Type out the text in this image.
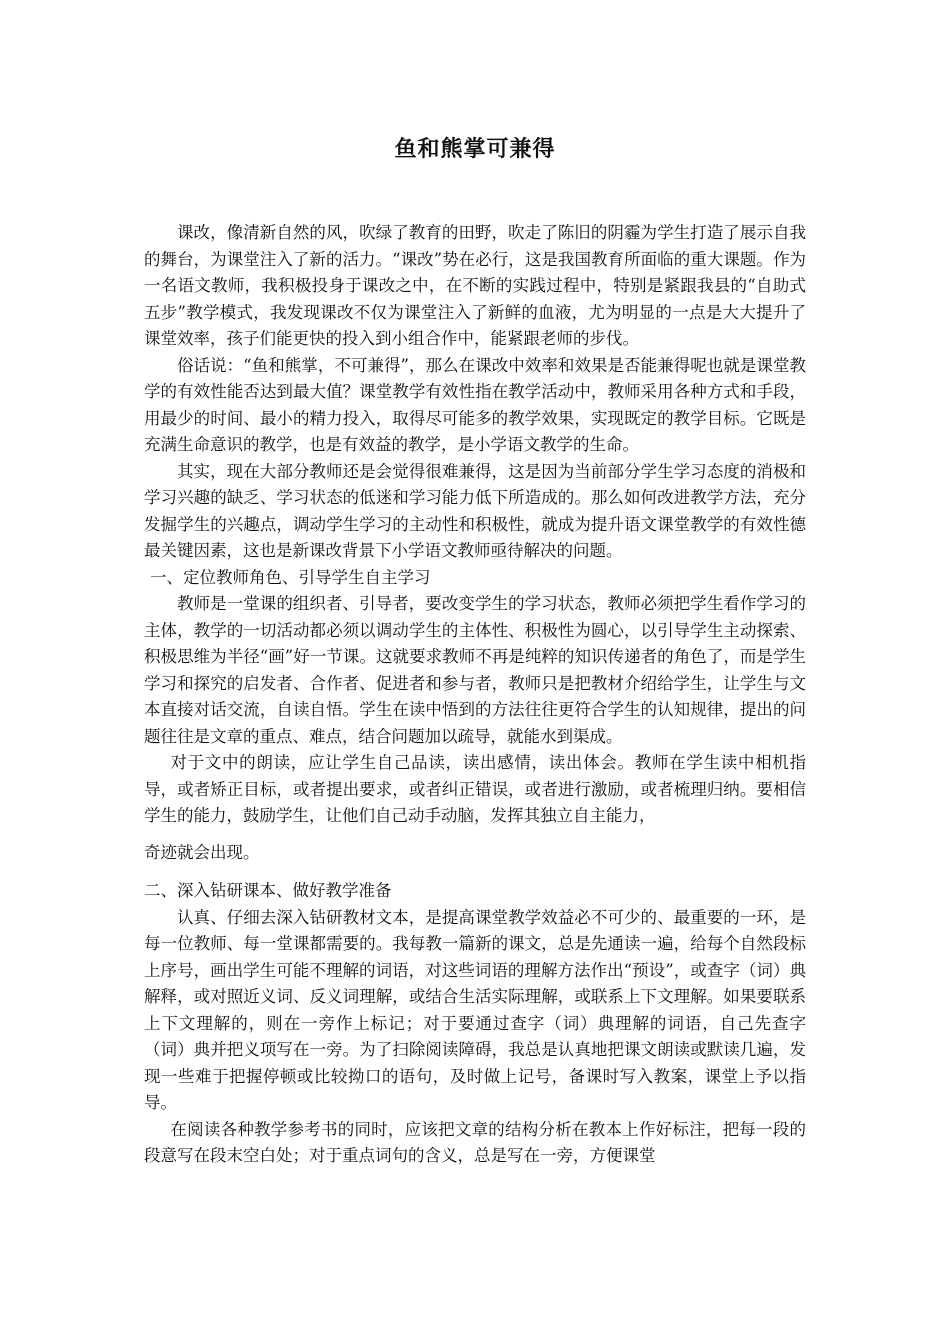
鱼和熊掌可兼得

课改，像清新自然的风，吹绿了教育的田野，吹走了陈旧的阴霾为学生打造了展示自我的舞台，为课堂注入了新的活力。“课改”势在必行，这是我国教育所面临的重大课题。作为一名语文教师，我积极投身于课改之中，在不断的实践过程中，特别是紧跟我县的“自助式五步”教学模式，我发现课改不仅为课堂注入了新鲜的血液，尤为明显的一点是大大提升了课堂效率，孩子们能更快的投入到小组合作中，能紧跟老师的步伐。

俗话说：“鱼和熊掌，不可兼得”，那么在课改中效率和效果是否能兼得呢也就是课堂教学的有效性能否达到最大值？课堂教学有效性指在教学活动中，教师采用各种方式和手段，用最少的时间、最小的精力投入，取得尽可能多的教学效果，实现既定的教学目标。它既是充满生命意识的教学，也是有效益的教学，是小学语文教学的生命。

其实，现在大部分教师还是会觉得很难兼得，这是因为当前部分学生学习态度的消极和学习兴趣的缺乏、学习状态的低迷和学习能力低下所造成的。那么如何改进教学方法，充分发掘学生的兴趣点，调动学生学习的主动性和积极性，就成为提升语文课堂教学的有效性德最关键因素，这也是新课改背景下小学语文教师亟待解决的问题。

一、定位教师角色、引导学生自主学习

教师是一堂课的组织者、引导者，要改变学生的学习状态，教师必须把学生看作学习的主体，教学的一切活动都必须以调动学生的主体性、积极性为圆心，以引导学生主动探索、积极思维为半径“画”好一节课。这就要求教师不再是纯粹的知识传递者的角色了，而是学生学习和探究的启发者、合作者、促进者和参与者，教师只是把教材介绍给学生，让学生与文本直接对话交流，自读自悟。学生在读中悟到的方法往往更符合学生的认知规律，提出的问题往往是文章的重点、难点，结合问题加以疏导，就能水到渠成。

对于文中的朗读，应让学生自己品读，读出感情，读出体会。教师在学生读中相机指导，或者矫正目标，或者提出要求，或者纠正错误，或者进行激励，或者梳理归纳。要相信学生的能力，鼓励学生，让他们自己动手动脑，发挥其独立自主能力，

奇迹就会出现。

二、深入钻研课本、做好教学准备

认真、仔细去深入钻研教材文本，是提高课堂教学效益必不可少的、最重要的一环，是每一位教师、每一堂课都需要的。我每教一篇新的课文，总是先通读一遍，给每个自然段标上序号，画出学生可能不理解的词语，对这些词语的理解方法作出“预设”，或查字（词）典解释，或对照近义词、反义词理解，或结合生活实际理解，或联系上下文理解。如果要联系上下文理解的，则在一旁作上标记；对于要通过查字（词）典理解的词语，自己先查字（词）典并把义项写在一旁。为了扫除阅读障碍，我总是认真地把课文朗读或默读几遍，发现一些难于把握停顿或比较拗口的语句，及时做上记号，备课时写入教案，课堂上予以指导。

在阅读各种教学参考书的同时，应该把文章的结构分析在教本上作好标注，把每一段的段意写在段末空白处；对于重点词句的含义，总是写在一旁，方便课堂
